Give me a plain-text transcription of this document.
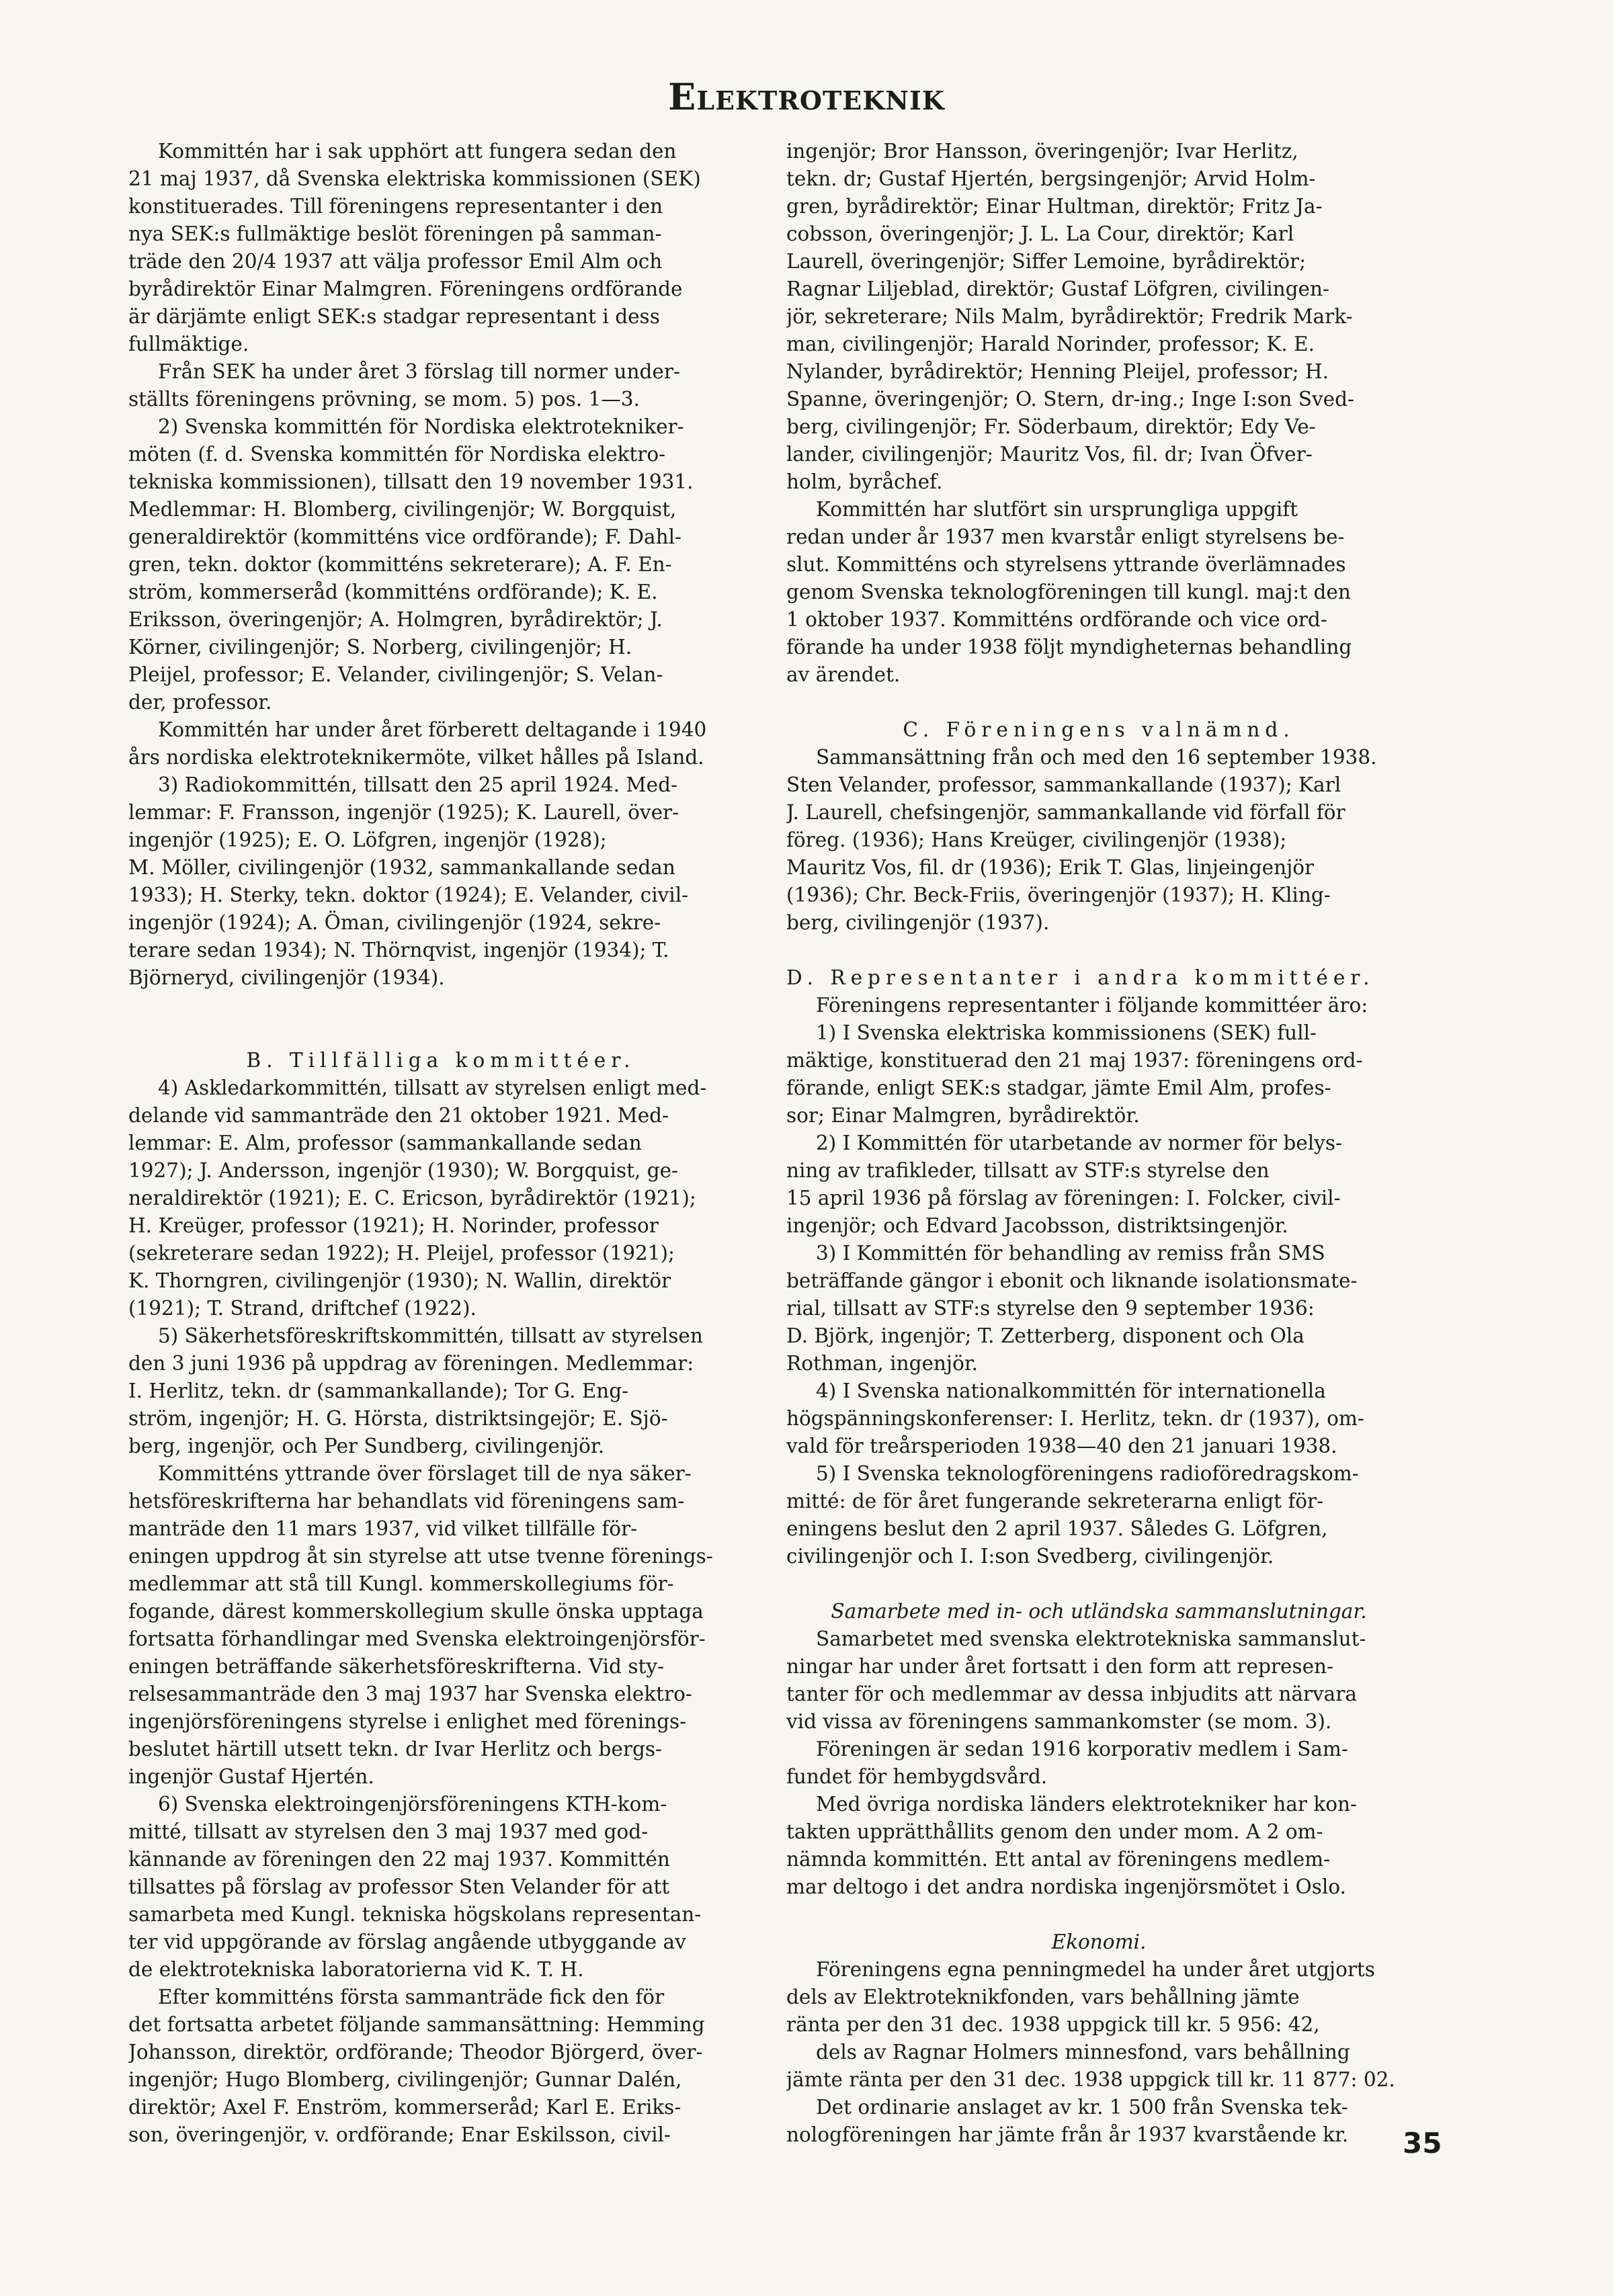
Elektroteknik
Kommittén har i sak upphört att fungera sedan den
21 maj 1937, då Svenska elektriska kommissionen (SEK)
konstituerades. Till föreningens representanter i den
nya SEK:s fullmäktige beslöt föreningen på samman-
träde den 20/4 1937 att välja professor Emil Alm och
byrådirektör Einar Malmgren. Föreningens ordförande
är därjämte enligt SEK:s stadgar representant i dess
fullmäktige.
Från SEK ha under året 3 förslag till normer under-
ställts föreningens prövning, se mom. 5) pos. 1—3.
2) Svenska kommittén för Nordiska elektrotekniker-
möten (f. d. Svenska kommittén för Nordiska elektro-
tekniska kommissionen), tillsatt den 19 november 1931.
Medlemmar: H. Blomberg, civilingenjör; W. Borgquist,
generaldirektör (kommitténs vice ordförande); F. Dahl-
gren, tekn. doktor (kommitténs sekreterare); A. F. En-
ström, kommerseråd (kommitténs ordförande); K. E.
Eriksson, överingenjör; A. Holmgren, byrådirektör; J.
Körner, civilingenjör; S. Norberg, civilingenjör; H.
Pleijel, professor; E. Velander, civilingenjör; S. Velan-
der, professor.
Kommittén har under året förberett deltagande i 1940
års nordiska elektroteknikermöte, vilket hålles på Island.
3) Radiokommittén, tillsatt den 25 april 1924. Med-
lemmar: F. Fransson, ingenjör (1925); K. Laurell, över-
ingenjör (1925); E. O. Löfgren, ingenjör (1928);
M. Möller, civilingenjör (1932, sammankallande sedan
1933); H. Sterky, tekn. doktor (1924); E. Velander, civil-
ingenjör (1924); A. Öman, civilingenjör (1924, sekre-
terare sedan 1934); N. Thörnqvist, ingenjör (1934); T.
Björneryd, civilingenjör (1934).
B. Tillfälliga kommittéer.
4) Askledarkommittén, tillsatt av styrelsen enligt med-
delande vid sammanträde den 21 oktober 1921. Med-
lemmar: E. Alm, professor (sammankallande sedan
1927); J. Andersson, ingenjör (1930); W. Borgquist, ge-
neraldirektör (1921); E. C. Ericson, byrådirektör (1921);
H. Kreüger, professor (1921); H. Norinder, professor
(sekreterare sedan 1922); H. Pleijel, professor (1921);
K. Thorngren, civilingenjör (1930); N. Wallin, direktör
(1921); T. Strand, driftchef (1922).
5) Säkerhetsföreskriftskommittén, tillsatt av styrelsen
den 3 juni 1936 på uppdrag av föreningen. Medlemmar:
I. Herlitz, tekn. dr (sammankallande); Tor G. Eng-
ström, ingenjör; H. G. Hörsta, distriktsingejör; E. Sjö-
berg, ingenjör, och Per Sundberg, civilingenjör.
Kommitténs yttrande över förslaget till de nya säker-
hetsföreskrifterna har behandlats vid föreningens sam-
manträde den 11 mars 1937, vid vilket tillfälle för-
eningen uppdrog åt sin styrelse att utse tvenne förenings-
medlemmar att stå till Kungl. kommerskollegiums för-
fogande, därest kommerskollegium skulle önska upptaga
fortsatta förhandlingar med Svenska elektroingenjörsför-
eningen beträffande säkerhetsföreskrifterna. Vid sty-
relsesammanträde den 3 maj 1937 har Svenska elektro-
ingenjörsföreningens styrelse i enlighet med förenings-
beslutet härtill utsett tekn. dr Ivar Herlitz och bergs-
ingenjör Gustaf Hjertén.
6) Svenska elektroingenjörsföreningens KTH-kom-
mitté, tillsatt av styrelsen den 3 maj 1937 med god-
kännande av föreningen den 22 maj 1937. Kommittén
tillsattes på förslag av professor Sten Velander för att
samarbeta med Kungl. tekniska högskolans representan-
ter vid uppgörande av förslag angående utbyggande av
de elektrotekniska laboratorierna vid K. T. H.
Efter kommitténs första sammanträde fick den för
det fortsatta arbetet följande sammansättning: Hemming
Johansson, direktör, ordförande; Theodor Björgerd, över-
ingenjör; Hugo Blomberg, civilingenjör; Gunnar Dalén,
direktör; Axel F. Enström, kommerseråd; Karl E. Eriks-
son, överingenjör, v. ordförande; Enar Eskilsson, civil-
ingenjör; Bror Hansson, överingenjör; Ivar Herlitz,
tekn. dr; Gustaf Hjertén, bergsingenjör; Arvid Holm-
gren, byrådirektör; Einar Hultman, direktör; Fritz Ja-
cobsson, överingenjör; J. L. La Cour, direktör; Karl
Laurell, överingenjör; Siffer Lemoine, byrådirektör;
Ragnar Liljeblad, direktör; Gustaf Löfgren, civilingen-
jör, sekreterare; Nils Malm, byrådirektör; Fredrik Mark-
man, civilingenjör; Harald Norinder, professor; K. E.
Nylander, byrådirektör; Henning Pleijel, professor; H.
Spanne, överingenjör; O. Stern, dr-ing.; Inge I:son Sved-
berg, civilingenjör; Fr. Söderbaum, direktör; Edy Ve-
lander, civilingenjör; Mauritz Vos, fil. dr; Ivan Öfver-
holm, byråchef.
Kommittén har slutfört sin ursprungliga uppgift
redan under år 1937 men kvarstår enligt styrelsens be-
slut. Kommitténs och styrelsens yttrande överlämnades
genom Svenska teknologföreningen till kungl. maj:t den
1 oktober 1937. Kommitténs ordförande och vice ord-
förande ha under 1938 följt myndigheternas behandling
av ärendet.
C. Föreningens valnämnd.
Sammansättning från och med den 16 september 1938.
Sten Velander, professor, sammankallande (1937); Karl
J. Laurell, chefsingenjör, sammankallande vid förfall för
föreg. (1936); Hans Kreüger, civilingenjör (1938);
Mauritz Vos, fil. dr (1936); Erik T. Glas, linjeingenjör
(1936); Chr. Beck-Friis, överingenjör (1937); H. Kling-
berg, civilingenjör (1937).
D. Representanter i andra kommittéer.
Föreningens representanter i följande kommittéer äro:
1) I Svenska elektriska kommissionens (SEK) full-
mäktige, konstituerad den 21 maj 1937: föreningens ord-
förande, enligt SEK:s stadgar, jämte Emil Alm, profes-
sor; Einar Malmgren, byrådirektör.
2) I Kommittén för utarbetande av normer för belys-
ning av trafikleder, tillsatt av STF:s styrelse den
15 april 1936 på förslag av föreningen: I. Folcker, civil-
ingenjör; och Edvard Jacobsson, distriktsingenjör.
3) I Kommittén för behandling av remiss från SMS
beträffande gängor i ebonit och liknande isolationsmate-
rial, tillsatt av STF:s styrelse den 9 september 1936:
D. Björk, ingenjör; T. Zetterberg, disponent och Ola
Rothman, ingenjör.
4) I Svenska nationalkommittén för internationella
högspänningskonferenser: I. Herlitz, tekn. dr (1937), om-
vald för treårsperioden 1938—40 den 21 januari 1938.
5) I Svenska teknologföreningens radioföredragskom-
mitté: de för året fungerande sekreterarna enligt för-
eningens beslut den 2 april 1937. Således G. Löfgren,
civilingenjör och I. I:son Svedberg, civilingenjör.
Samarbete med in- och utländska sammanslutningar.
Samarbetet med svenska elektrotekniska sammanslut-
ningar har under året fortsatt i den form att represen-
tanter för och medlemmar av dessa inbjudits att närvara
vid vissa av föreningens sammankomster (se mom. 3).
Föreningen är sedan 1916 korporativ medlem i Sam-
fundet för hembygdsvård.
Med övriga nordiska länders elektrotekniker har kon-
takten upprätthållits genom den under mom. A 2 om-
nämnda kommittén. Ett antal av föreningens medlem-
mar deltogo i det andra nordiska ingenjörsmötet i Oslo.
Ekonomi.
Föreningens egna penningmedel ha under året utgjorts
dels av Elektroteknikfonden, vars behållning jämte
ränta per den 31 dec. 1938 uppgick till kr. 5 956: 42,
dels av Ragnar Holmers minnesfond, vars behållning
jämte ränta per den 31 dec. 1938 uppgick till kr. 11 877: 02.
Det ordinarie anslaget av kr. 1 500 från Svenska tek-
nologföreningen har jämte från år 1937 kvarstående kr.	35
